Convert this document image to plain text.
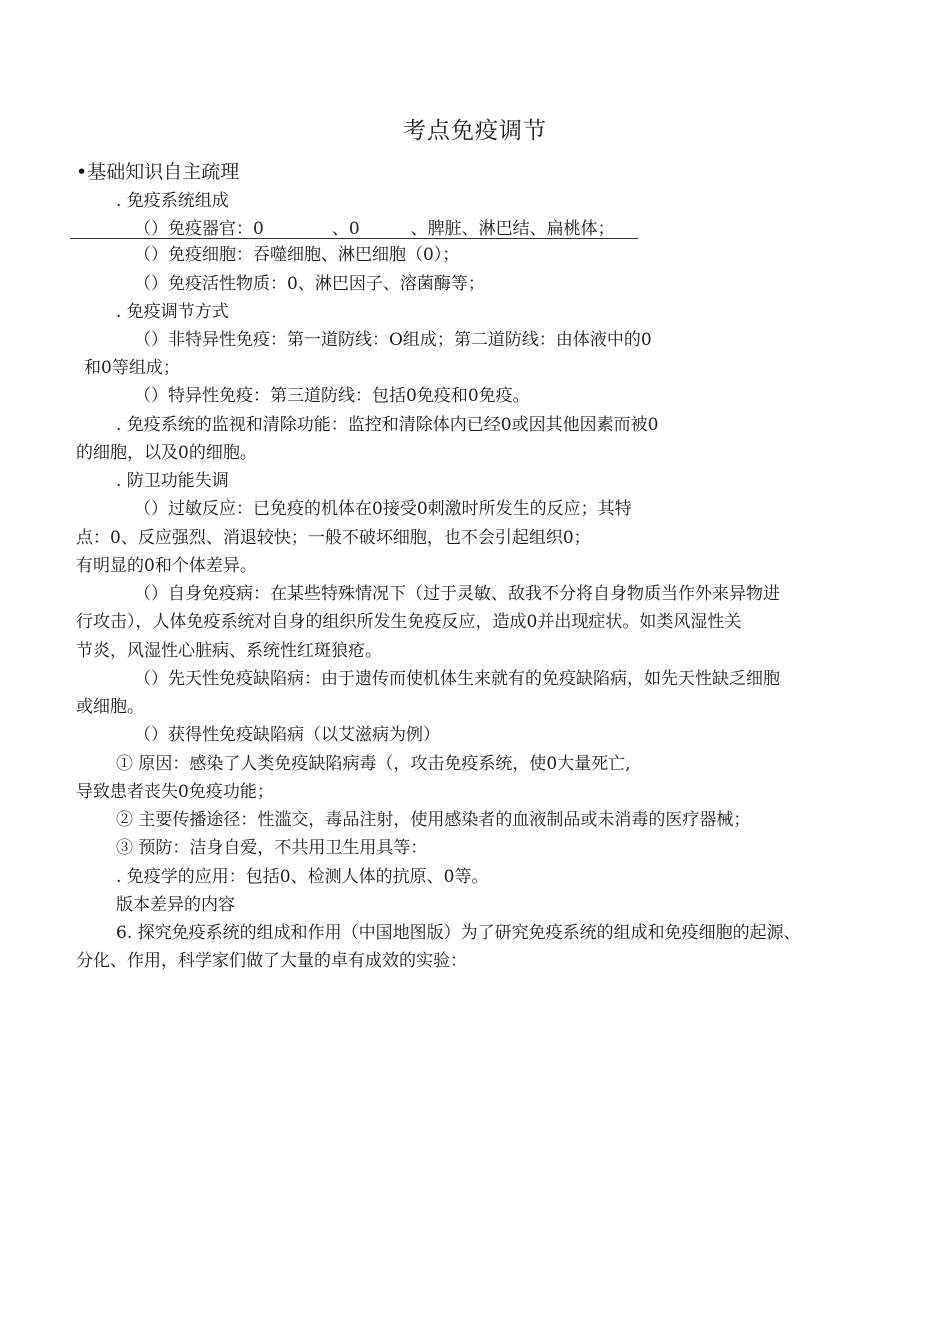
考点免疫调节
•基础知识自主疏理
. 免疫系统组成
（）免疫器官：0　　　　、0　　　、脾脏、淋巴结、扁桃体；
（）免疫细胞：吞噬细胞、淋巴细胞（0）；
（）免疫活性物质：0、淋巴因子、溶菌酶等；
. 免疫调节方式
（）非特异性免疫：第一道防线：O组成；第二道防线：由体液中的0
和0等组成；
（）特异性免疫：第三道防线：包括0免疫和0免疫。
. 免疫系统的监视和清除功能：监控和清除体内已经0或因其他因素而被0
的细胞，以及0的细胞。
. 防卫功能失调
（）过敏反应：已免疫的机体在0接受0刺激时所发生的反应；其特
点：0、反应强烈、消退较快；一般不破坏细胞，也不会引起组织0；
有明显的0和个体差异。
（）自身免疫病：在某些特殊情况下（过于灵敏、敌我不分将自身物质当作外来异物进
行攻击），人体免疫系统对自身的组织所发生免疫反应，造成0并出现症状。如类风湿性关
节炎，风湿性心脏病、系统性红斑狼疮。
（）先天性免疫缺陷病：由于遗传而使机体生来就有的免疫缺陷病，如先天性缺乏细胞
或细胞。
（）获得性免疫缺陷病（以艾滋病为例）
① 原因：感染了人类免疫缺陷病毒（，攻击免疫系统，使0大量死亡,
导致患者丧失0免疫功能；
② 主要传播途径：性滥交，毒品注射，使用感染者的血液制品或未消毒的医疗器械；
③ 预防：洁身自爱，不共用卫生用具等：
. 免疫学的应用：包括0、检测人体的抗原、0等。
版本差异的内容
6. 探究免疫系统的组成和作用（中国地图版）为了研究免疫系统的组成和免疫细胞的起源、
分化、作用，科学家们做了大量的卓有成效的实验：
